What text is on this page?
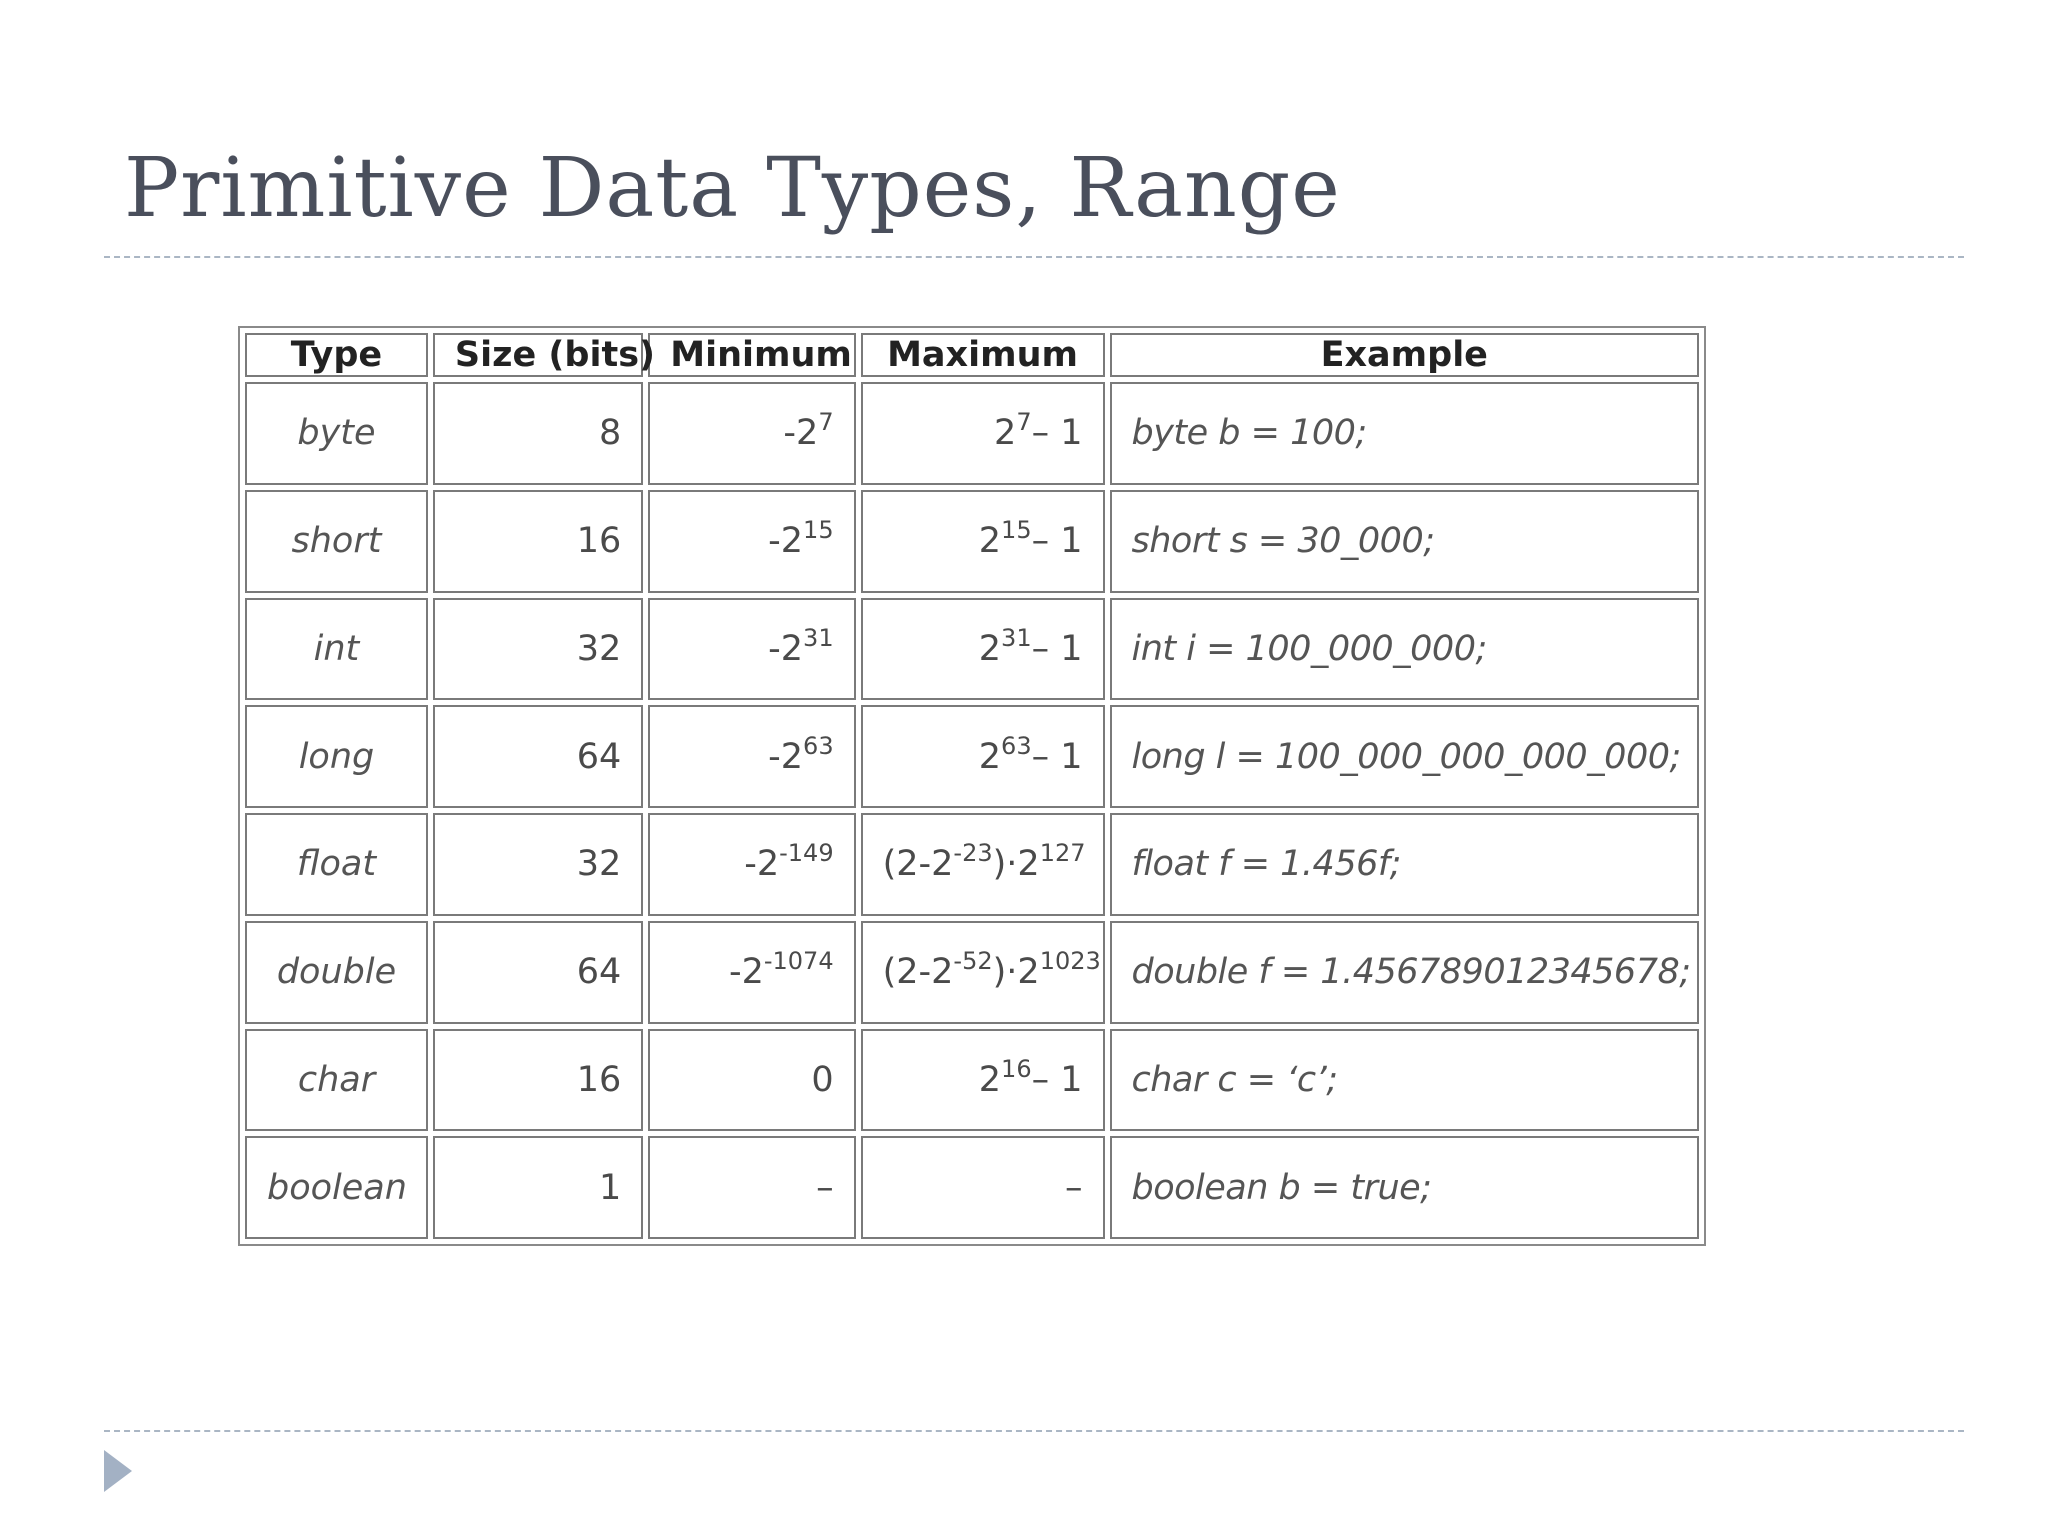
Primitive Data Types, Range
Type	Size (bits)	Minimum	Maximum	Example
byte	8	$-2^7$	$2^7-$ 1	byte b = 100;
short	16	$-2^{15}$	$2^{15}-$ 1	short s = 30_000;
int	32	$-2^{31}$	$2^{31}-$ 1	int i = 100_000_000;
long	64	$-2^{63}$	$2^{63}-$ 1	long l = 100_000_000_000_000;
float	32	$-2^{-149}$	$(2-2^{-23})\cdot 2^{127}$	float f = 1.456f;
double	64	$-2^{-1074}$	$(2-2^{-52})\cdot 2^{1023}$	double f = 1.456789012345678;
char	16	0	$2^{16}-$ 1	char c = ‘c’;
boolean	1	–	–	boolean b = true;
